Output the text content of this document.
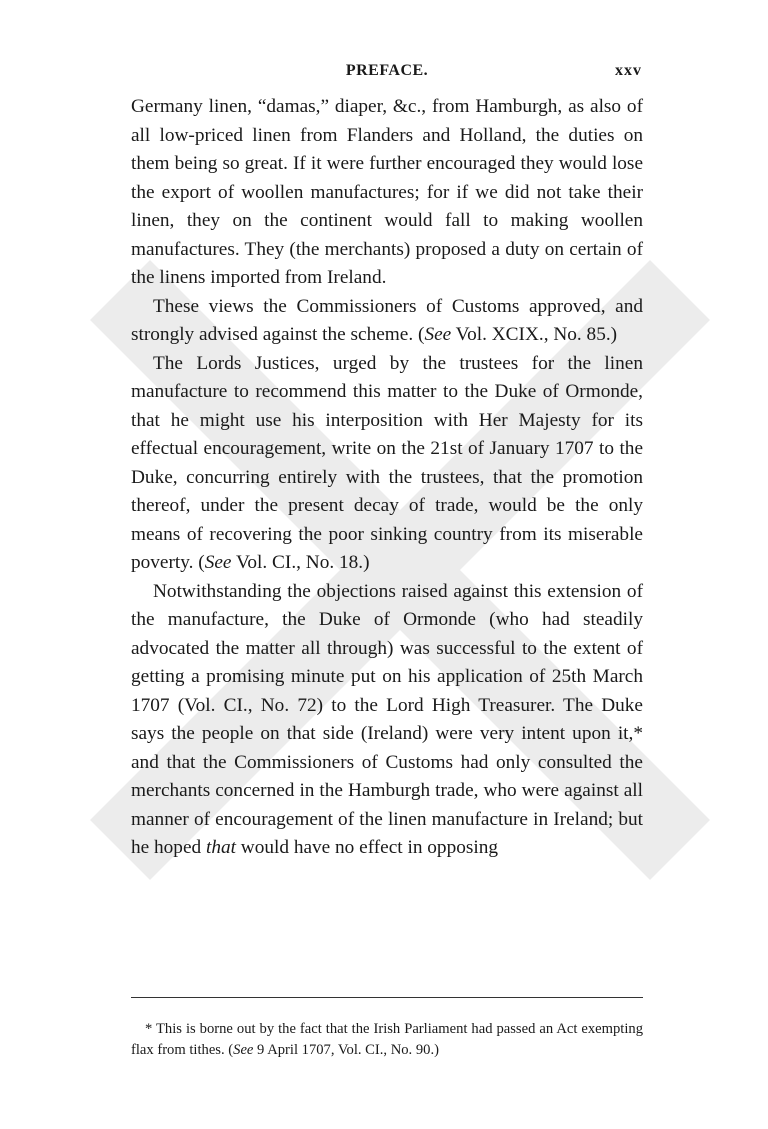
PREFACE.	xxv

Germany linen, “damas,” diaper, &c., from Hamburgh, as also of all low-priced linen from Flanders and Holland, the duties on them being so great. If it were further encouraged they would lose the export of woollen manufactures; for if we did not take their linen, they on the continent would fall to making woollen manufactures. They (the merchants) proposed a duty on certain of the linens imported from Ireland.

These views the Commissioners of Customs approved, and strongly advised against the scheme. (See Vol. XCIX., No. 85.)

The Lords Justices, urged by the trustees for the linen manufacture to recommend this matter to the Duke of Ormonde, that he might use his interposition with Her Majesty for its effectual encouragement, write on the 21st of January 1707 to the Duke, concurring entirely with the trustees, that the promotion thereof, under the present decay of trade, would be the only means of recovering the poor sinking country from its miserable poverty. (See Vol. CI., No. 18.)

Notwithstanding the objections raised against this extension of the manufacture, the Duke of Ormonde (who had steadily advocated the matter all through) was successful to the extent of getting a promising minute put on his application of 25th March 1707 (Vol. CI., No. 72) to the Lord High Treasurer. The Duke says the people on that side (Ireland) were very intent upon it,* and that the Commissioners of Customs had only consulted the merchants concerned in the Hamburgh trade, who were against all manner of encouragement of the linen manufacture in Ireland; but he hoped that would have no effect in opposing

* This is borne out by the fact that the Irish Parliament had passed an Act exempting flax from tithes. (See 9 April 1707, Vol. CI., No. 90.)
